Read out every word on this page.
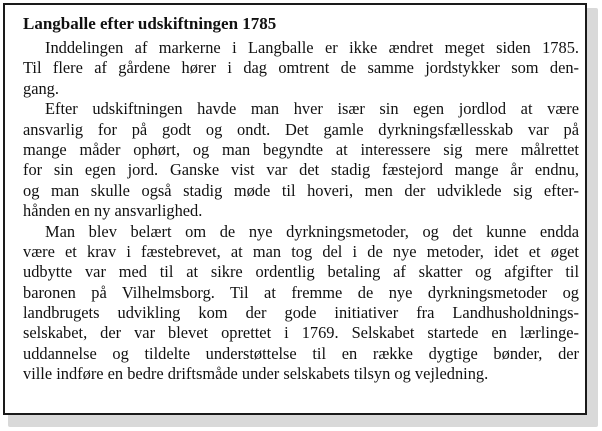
Langballe efter udskiftningen 1785
Inddelingen af markerne i Langballe er ikke ændret meget siden 1785.
Til flere af gårdene hører i dag omtrent de samme jordstykker som den-
gang.
Efter udskiftningen havde man hver især sin egen jordlod at være
ansvarlig for på godt og ondt. Det gamle dyrkningsfællesskab var på
mange måder ophørt, og man begyndte at interessere sig mere målrettet
for sin egen jord. Ganske vist var det stadig fæstejord mange år endnu,
og man skulle også stadig møde til hoveri, men der udviklede sig efter-
hånden en ny ansvarlighed.
Man blev belært om de nye dyrkningsmetoder, og det kunne endda
være et krav i fæstebrevet, at man tog del i de nye metoder, idet et øget
udbytte var med til at sikre ordentlig betaling af skatter og afgifter til
baronen på Vilhelmsborg. Til at fremme de nye dyrkningsmetoder og
landbrugets udvikling kom der gode initiativer fra Landhusholdnings-
selskabet, der var blevet oprettet i 1769. Selskabet startede en lærlinge-
uddannelse og tildelte understøttelse til en række dygtige bønder, der
ville indføre en bedre driftsmåde under selskabets tilsyn og vejledning.
